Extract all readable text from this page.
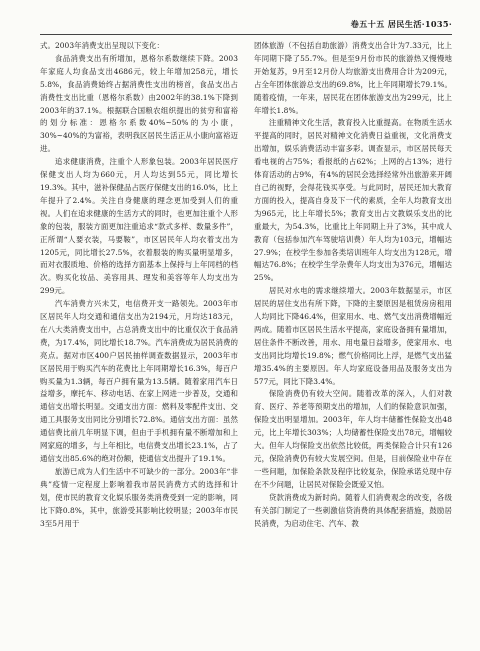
卷五十五 居民生活·1035·

式。2003年消费支出呈现以下变化：

食品消费支出有所增加，恩格尔系数继续下降。2003年家庭人均食品支出4686元，较上年增加258元，增长5.8%，食品消费始终占据消费性支出的榜首，食品支出占消费性支出比重（恩格尔系数）由2002年的38.1%下降到2003年的37.1%。根据联合国粮农组织提出的贫穷和富裕的划分标准：恩格尔系数40%~50%的为小康，30%~40%的为富裕，表明我区居民生活正从小康向富裕迈进。

追求健康消费，注重个人形象包装。2003年居民医疗保健支出人均为660元，月人均达到55元，同比增长19.3%。其中，滋补保健品占医疗保健支出的16.0%，比上年提升了2.4%。关注自身健康的理念更加受到人们的重视。人们在追求健康的生活方式的同时，也更加注重个人形象的包装，服装方面更加注重追求“款式多样、数量多件”，正所谓“人要衣装，马要鞍”，市区居民年人均衣着支出为1205元，同比增长27.5%，衣着服装的购买量明显增多，而对衣服质地、价格的选择方面基本上保持与上年同档的档次。购买化妆品、美容用具、理发和美容等年人均支出为299元。

汽车消费方兴未艾，电信费开支一路领先。2003年市区居民年人均交通和通信支出为2194元，月均达183元，在八大类消费支出中，占总消费支出中的比重仅次于食品消费，为17.4%，同比增长18.7%。汽车消费成为居民消费的亮点。据对市区400户居民抽样调查数据显示，2003年市区居民用于购买汽车的花费比上年同期增长16.3%，每百户购买量为1.3辆，每百户拥有量为13.5辆。随着家用汽车日益增多，摩托车、移动电话、在家上网进一步普及，交通和通信支出增长明显。交通支出方面：燃料及零配件支出、交通工具服务支出同比分别增长72.8%。通信支出方面：虽然通信费比前几年明显下调，但由于手机拥有量不断增加和上网家庭的增多，与上年相比，电信费支出增长23.1%，占了通信支出85.6%的绝对份额，使通信支出提升了19.1%。

旅游已成为人们生活中不可缺少的一部分。2003年“非典”疫情一定程度上影响着我市居民消费方式的选择和计划，使市民的教育文化娱乐服务类消费受到一定的影响，同比下降0.8%，其中，旅游受其影响比较明显；2003年市民3至5月用于

团体旅游（不包括自助旅游）消费支出合计为7.33元，比上年同期下降了55.7%。但是至9月份市民的旅游热又慢慢地开始复苏，9月至12月份人均旅游支出费用合计为209元，占全年团体旅游总支出的69.8%，比上年同期增长79.1%。随着疫情，一年来，居民花在团体旅游支出为299元，比上年增长1.8%。

注重精神文化生活，教育投入比重提高。在物质生活水平提高的同时，居民对精神文化消费日益重视，文化消费支出增加，娱乐消费活动丰富多彩。调查显示，市区居民每天看电视的占75%；看报纸的占62%；上网的占13%；进行体育活动的占9%，有4%的居民会选择经常外出旅游来开阔自己的视野，会得花钱买享受。与此同时，居民还加大教育方面的投入，提高自身及下一代的素质，全年人均教育支出为965元，比上年增长5%；教育支出占文教娱乐支出的比重最大，为54.3%，比重比上年同期上升了3%，其中成人教育（包括参加汽车驾驶培训费）年人均为103元，增幅达27.9%；在校学生参加各类培训班年人均支出为128元，增幅达76.8%；在校学生学杂费年人均支出为376元，增幅达25%。

居民对水电的需求继续增大。2003年数据显示，市区居民的居住支出有所下降，下降的主要原因是租赁房房租用人均同比下降46.4%，但家用水、电、燃气支出消费增幅近两成。随着市区居民生活水平提高，家庭设备拥有量增加，居住条件不断改善，用水、用电量日益增多，使家用水、电支出同比均增长19.8%；燃气价格同比上浮，是燃气支出猛增35.4%的主要原因。年人均家庭设备用品及服务支出为577元，同比下降3.4%。

保险消费仍有较大空间。随着改革的深入，人们对教育、医疗、养老等预期支出的增加，人们的保险意识加强，保险支出明显增加。2003年，年人均丰储蓄性保险支出48元，比上年增长303%；人均储蓄性保险支出78元，增幅较大。但年人均保险支出依然比较低，两类保险合计只有126元，保险消费仍有较大发展空间。但是，目前保险业中存在一些问题，加保险条款及程序比较复杂，保险承诺兑现中存在不少问题，让居民对保险会既爱又怕。

贷款消费成为新时尚。随着人们消费观念的改变，各级有关部门制定了一些刺激信贷消费的具体配套措施，鼓励居民消费，为启动住宅、汽车、教
